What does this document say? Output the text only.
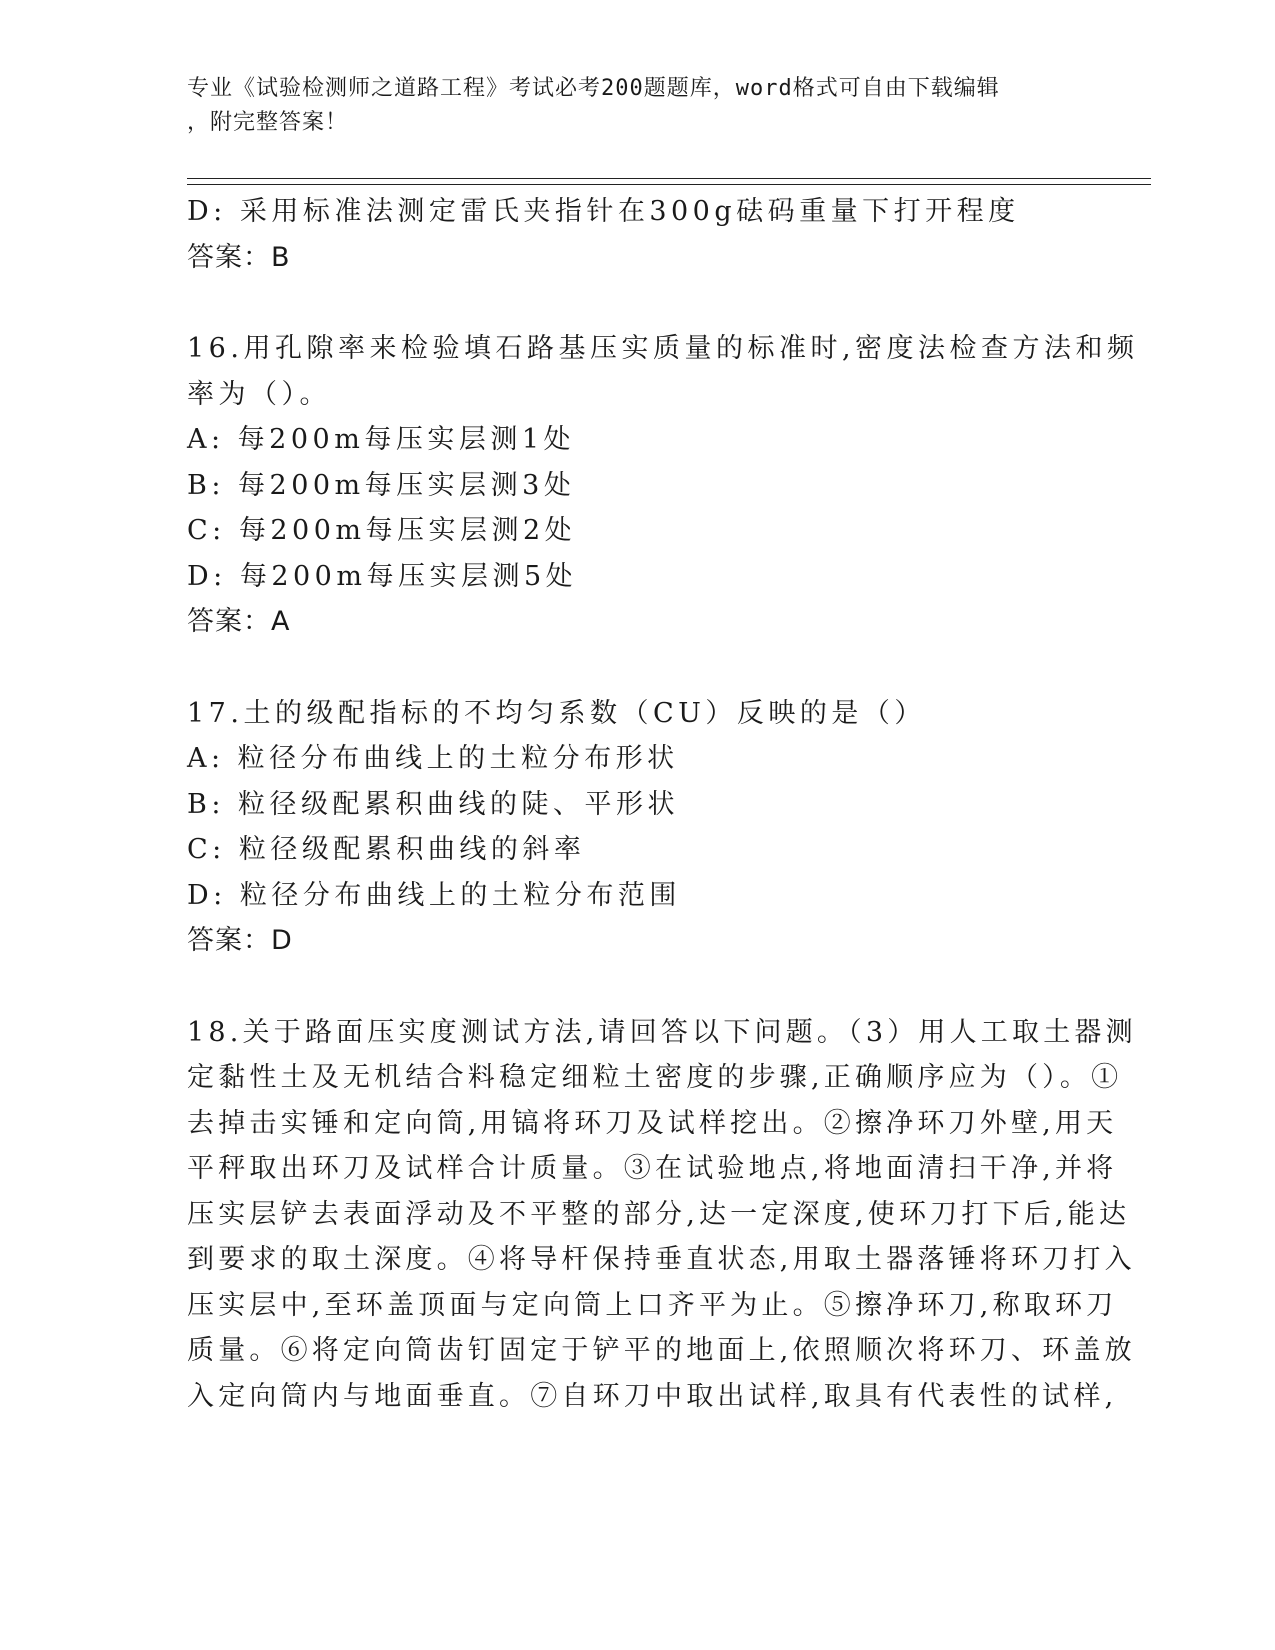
专业《试验检测师之道路工程》考试必考200题题库，word格式可自由下载编辑
，附完整答案！
D: 采用标准法测定雷氏夹指针在300g砝码重量下打开程度
答案：B
16.用孔隙率来检验填石路基压实质量的标准时,密度法检查方法和频
率为（）。
A: 每200m每压实层测1处
B: 每200m每压实层测3处
C: 每200m每压实层测2处
D: 每200m每压实层测5处
答案：A
17.土的级配指标的不均匀系数（CU）反映的是（）
A: 粒径分布曲线上的土粒分布形状
B: 粒径级配累积曲线的陡、平形状
C: 粒径级配累积曲线的斜率
D: 粒径分布曲线上的土粒分布范围
答案：D
18.关于路面压实度测试方法,请回答以下问题。（3）用人工取土器测
定黏性土及无机结合料稳定细粒土密度的步骤,正确顺序应为（）。①
去掉击实锤和定向筒,用镐将环刀及试样挖出。②擦净环刀外壁,用天
平秤取出环刀及试样合计质量。③在试验地点,将地面清扫干净,并将
压实层铲去表面浮动及不平整的部分,达一定深度,使环刀打下后,能达
到要求的取土深度。④将导杆保持垂直状态,用取土器落锤将环刀打入
压实层中,至环盖顶面与定向筒上口齐平为止。⑤擦净环刀,称取环刀
质量。⑥将定向筒齿钉固定于铲平的地面上,依照顺次将环刀、环盖放
入定向筒内与地面垂直。⑦自环刀中取出试样,取具有代表性的试样,
